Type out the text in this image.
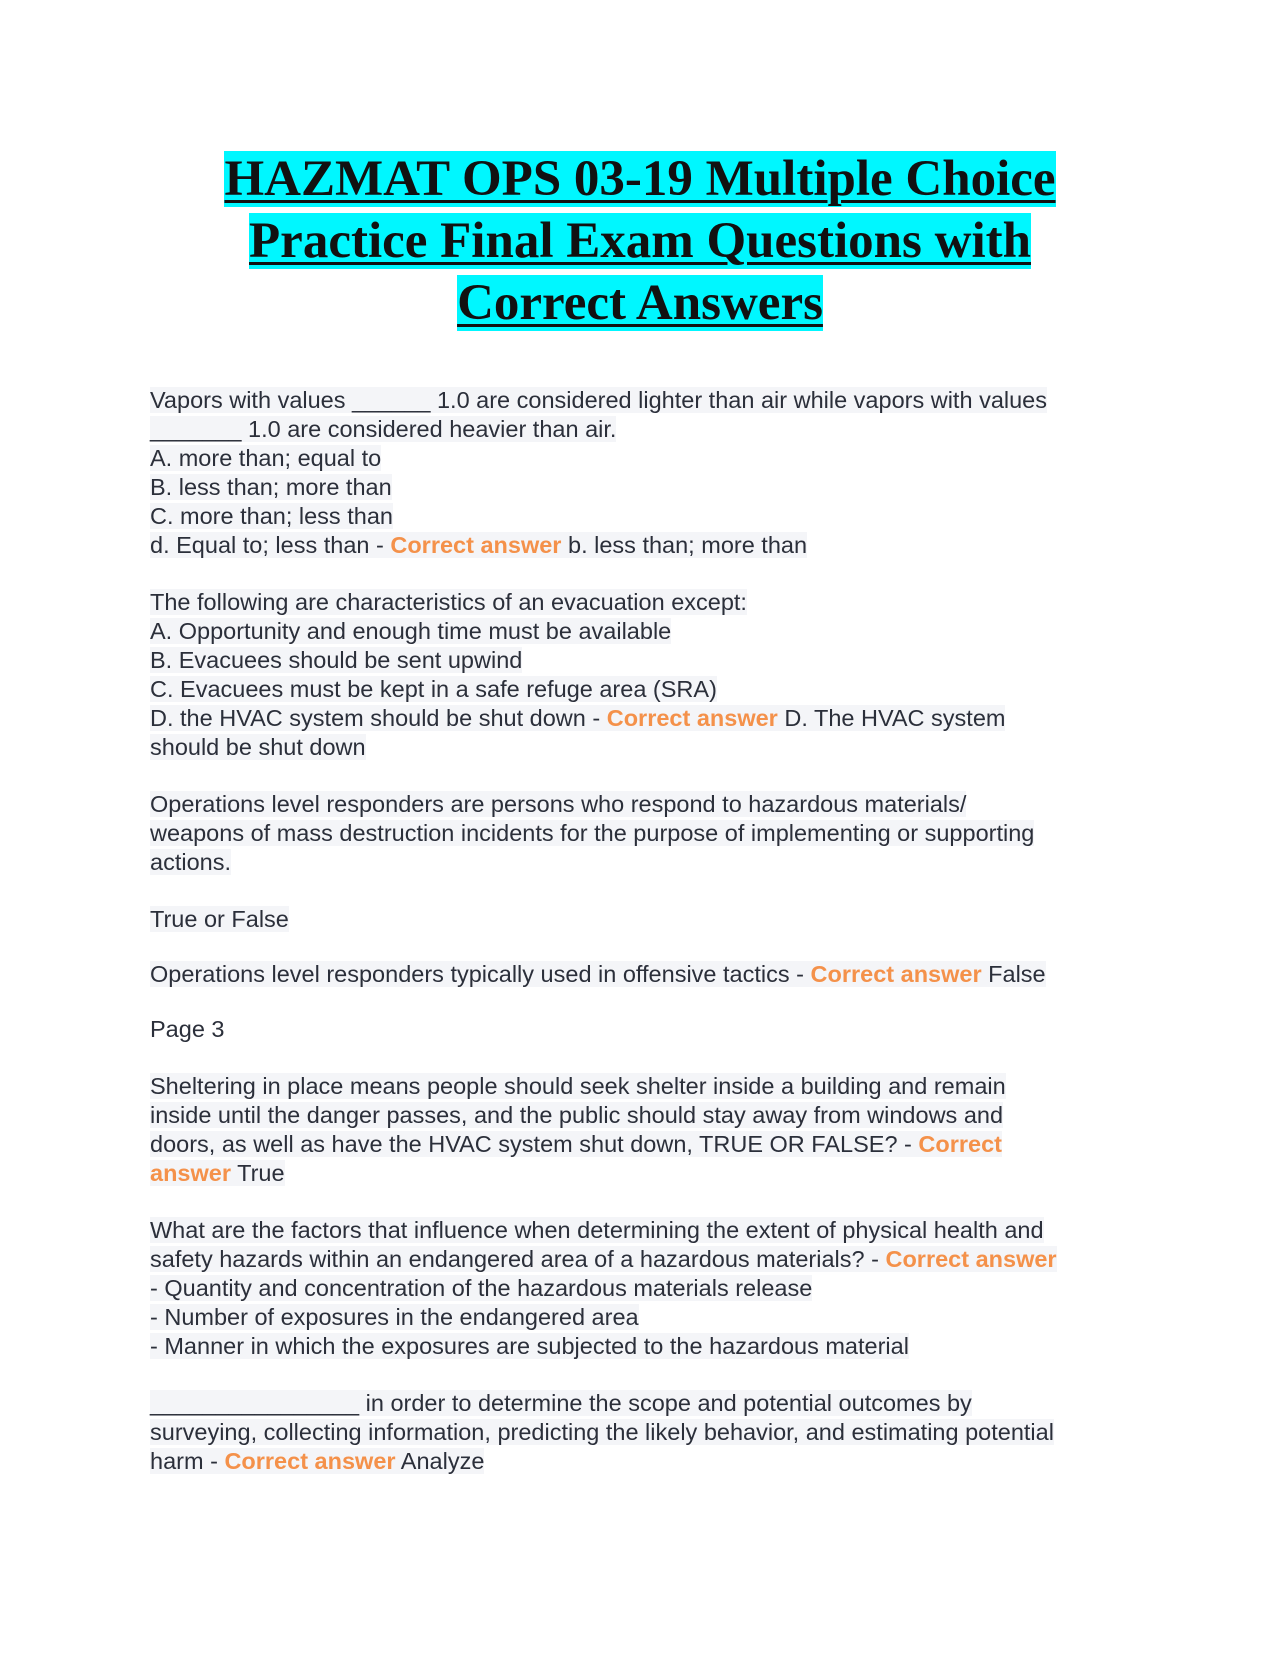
HAZMAT OPS 03-19 Multiple Choice
Practice Final Exam Questions with
Correct Answers
Vapors with values ______ 1.0 are considered lighter than air while vapors with values
_______ 1.0 are considered heavier than air.
A. more than; equal to
B. less than; more than
C. more than; less than
d. Equal to; less than - Correct answer b. less than; more than
The following are characteristics of an evacuation except:
A. Opportunity and enough time must be available
B. Evacuees should be sent upwind
C. Evacuees must be kept in a safe refuge area (SRA)
D. the HVAC system should be shut down - Correct answer D. The HVAC system
should be shut down
Operations level responders are persons who respond to hazardous materials/
weapons of mass destruction incidents for the purpose of implementing or supporting
actions.
True or False
Operations level responders typically used in offensive tactics - Correct answer False
Page 3
Sheltering in place means people should seek shelter inside a building and remain
inside until the danger passes, and the public should stay away from windows and
doors, as well as have the HVAC system shut down, TRUE OR FALSE? - Correct
answer True
What are the factors that influence when determining the extent of physical health and
safety hazards within an endangered area of a hazardous materials? - Correct answer
- Quantity and concentration of the hazardous materials release
- Number of exposures in the endangered area
- Manner in which the exposures are subjected to the hazardous material
________________ in order to determine the scope and potential outcomes by
surveying, collecting information, predicting the likely behavior, and estimating potential
harm - Correct answer Analyze
